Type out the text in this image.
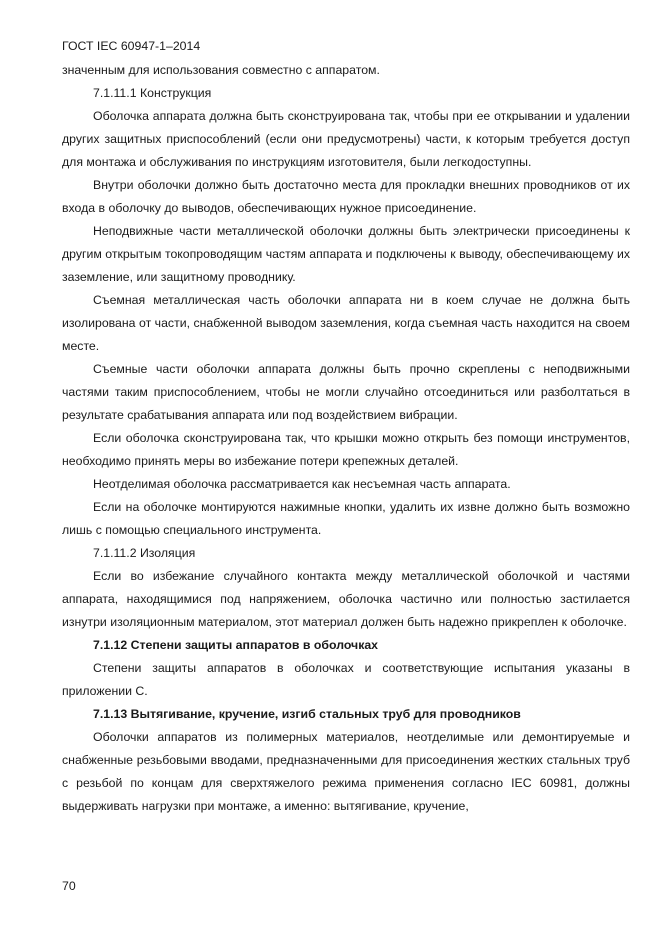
ГОСТ IEC 60947-1–2014

значенным для использования совместно с аппаратом.

7.1.11.1 Конструкция

Оболочка аппарата должна быть сконструирована так, чтобы при ее открывании и удалении других защитных приспособлений (если они предусмотрены) части, к которым требуется доступ для монтажа и обслуживания по инструкциям изготовителя, были легкодоступны.

Внутри оболочки должно быть достаточно места для прокладки внешних проводников от их входа в оболочку до выводов, обеспечивающих нужное присоединение.

Неподвижные части металлической оболочки должны быть электрически присоединены к другим открытым токопроводящим частям аппарата и подключены к выводу, обеспечивающему их заземление, или защитному проводнику.

Съемная металлическая часть оболочки аппарата ни в коем случае не должна быть изолирована от части, снабженной выводом заземления, когда съемная часть находится на своем месте.

Съемные части оболочки аппарата должны быть прочно скреплены с неподвижными частями таким приспособлением, чтобы не могли случайно отсоединиться или разболтаться в результате срабатывания аппарата или под воздействием вибрации.

Если оболочка сконструирована так, что крышки можно открыть без помощи инструментов, необходимо принять меры во избежание потери крепежных деталей.

Неотделимая оболочка рассматривается как несъемная часть аппарата.

Если на оболочке монтируются нажимные кнопки, удалить их извне должно быть возможно лишь с помощью специального инструмента.

7.1.11.2 Изоляция

Если во избежание случайного контакта между металлической оболочкой и частями аппарата, находящимися под напряжением, оболочка частично или полностью застилается изнутри изоляционным материалом, этот материал должен быть надежно прикреплен к оболочке.

7.1.12 Степени защиты аппаратов в оболочках

Степени защиты аппаратов в оболочках и соответствующие испытания указаны в приложении С.

7.1.13 Вытягивание, кручение, изгиб стальных труб для проводников

Оболочки аппаратов из полимерных материалов, неотделимые или демонтируемые и снабженные резьбовыми вводами, предназначенными для присоединения жестких стальных труб с резьбой по концам для сверхтяжелого режима применения согласно IEC 60981, должны выдерживать нагрузки при монтаже, а именно: вытягивание, кручение,

70
